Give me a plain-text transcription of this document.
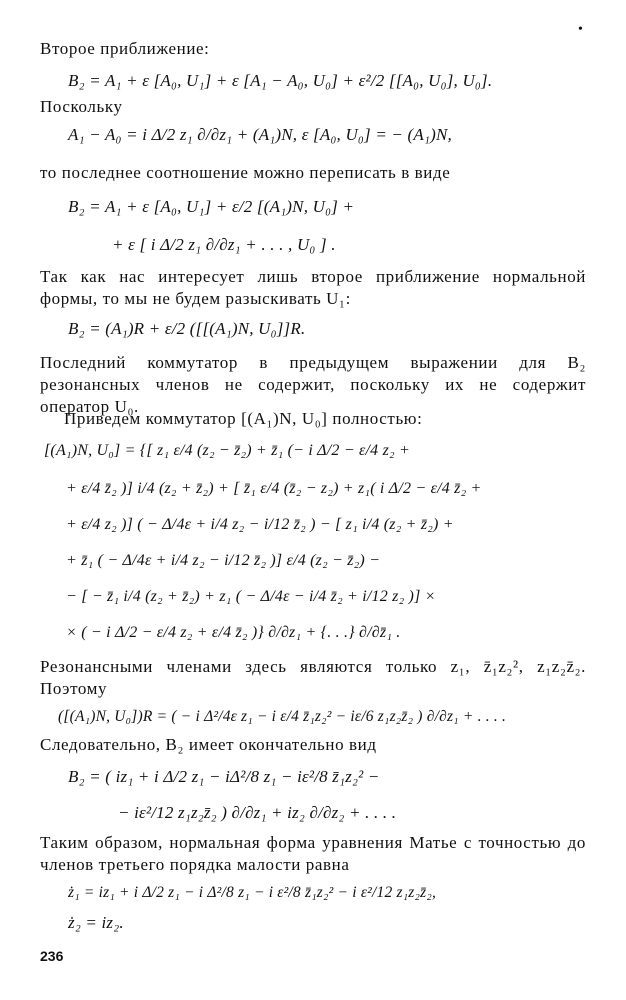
•
Второе приближение:
B₂ = A₁ + ε [A₀, U₁] + ε [A₁ − A₀, U₀] + ε²/2 [[A₀, U₀], U₀].
Поскольку
A₁ − A₀ = i Δ/2 z₁ ∂/∂z₁ + (A₁)N, ε [A₀, U₀] = − (A₁)N,
то последнее соотношение можно переписать в виде
B₂ = A₁ + ε [A₀, U₁] + ε/2 [(A₁)N, U₀] +
+ ε [ i Δ/2 z₁ ∂/∂z₁ + . . . , U₀ ] .
Так как нас интересует лишь второе приближение нормальной формы, то мы не будем разыскивать U₁:
B₂ = (A₁)R + ε/2 ([[(A₁)N, U₀]]R.
Последний коммутатор в предыдущем выражении для B₂ резонансных членов не содержит, поскольку их не содержит оператор U₀.
Приведем коммутатор [(A₁)N, U₀] полностью:
[(A₁)N, U₀] = {[ z₁ ε/4 (z₂ − z̄₂) + z̄₁ (− i Δ/2 − ε/4 z₂ +
+ ε/4 z̄₂ )] i/4 (z₂ + z̄₂) + [ z̄₁ ε/4 (z̄₂ − z₂) + z₁( i Δ/2 − ε/4 z̄₂ +
+ ε/4 z₂ )] ( − Δ/4ε + i/4 z₂ − i/12 z̄₂ ) − [ z₁ i/4 (z₂ + z̄₂) +
+ z̄₁ ( − Δ/4ε + i/4 z₂ − i/12 z̄₂ )] ε/4 (z₂ − z̄₂) −
− [ − z̄₁ i/4 (z₂ + z̄₂) + z₁ ( − Δ/4ε − i/4 z̄₂ + i/12 z₂ )] ×
× ( − i Δ/2 − ε/4 z₂ + ε/4 z̄₂ )} ∂/∂z₁ + {. . .} ∂/∂z̄₁ .
Резонансными членами здесь являются только z₁, z̄₁z₂², z₁z₂z̄₂. Поэтому
([(A₁)N, U₀])R = ( − i Δ²/4ε z₁ − i ε/4 z̄₁z₂² − iε/6 z₁z₂z̄₂ ) ∂/∂z₁ + . . . .
Следовательно, B₂ имеет окончательно вид
B₂ = ( iz₁ + i Δ/2 z₁ − iΔ²/8 z₁ − iε²/8 z̄₁z₂² −
− iε²/12 z₁z₂z̄₂ ) ∂/∂z₁ + iz₂ ∂/∂z₂ + . . . .
Таким образом, нормальная форма уравнения Матье с точностью до членов третьего порядка малости равна
ż₁ = iz₁ + i Δ/2 z₁ − i Δ²/8 z₁ − i ε²/8 z̄₁z₂² − i ε²/12 z₁z₂z̄₂,
ż₂ = iz₂.
236
